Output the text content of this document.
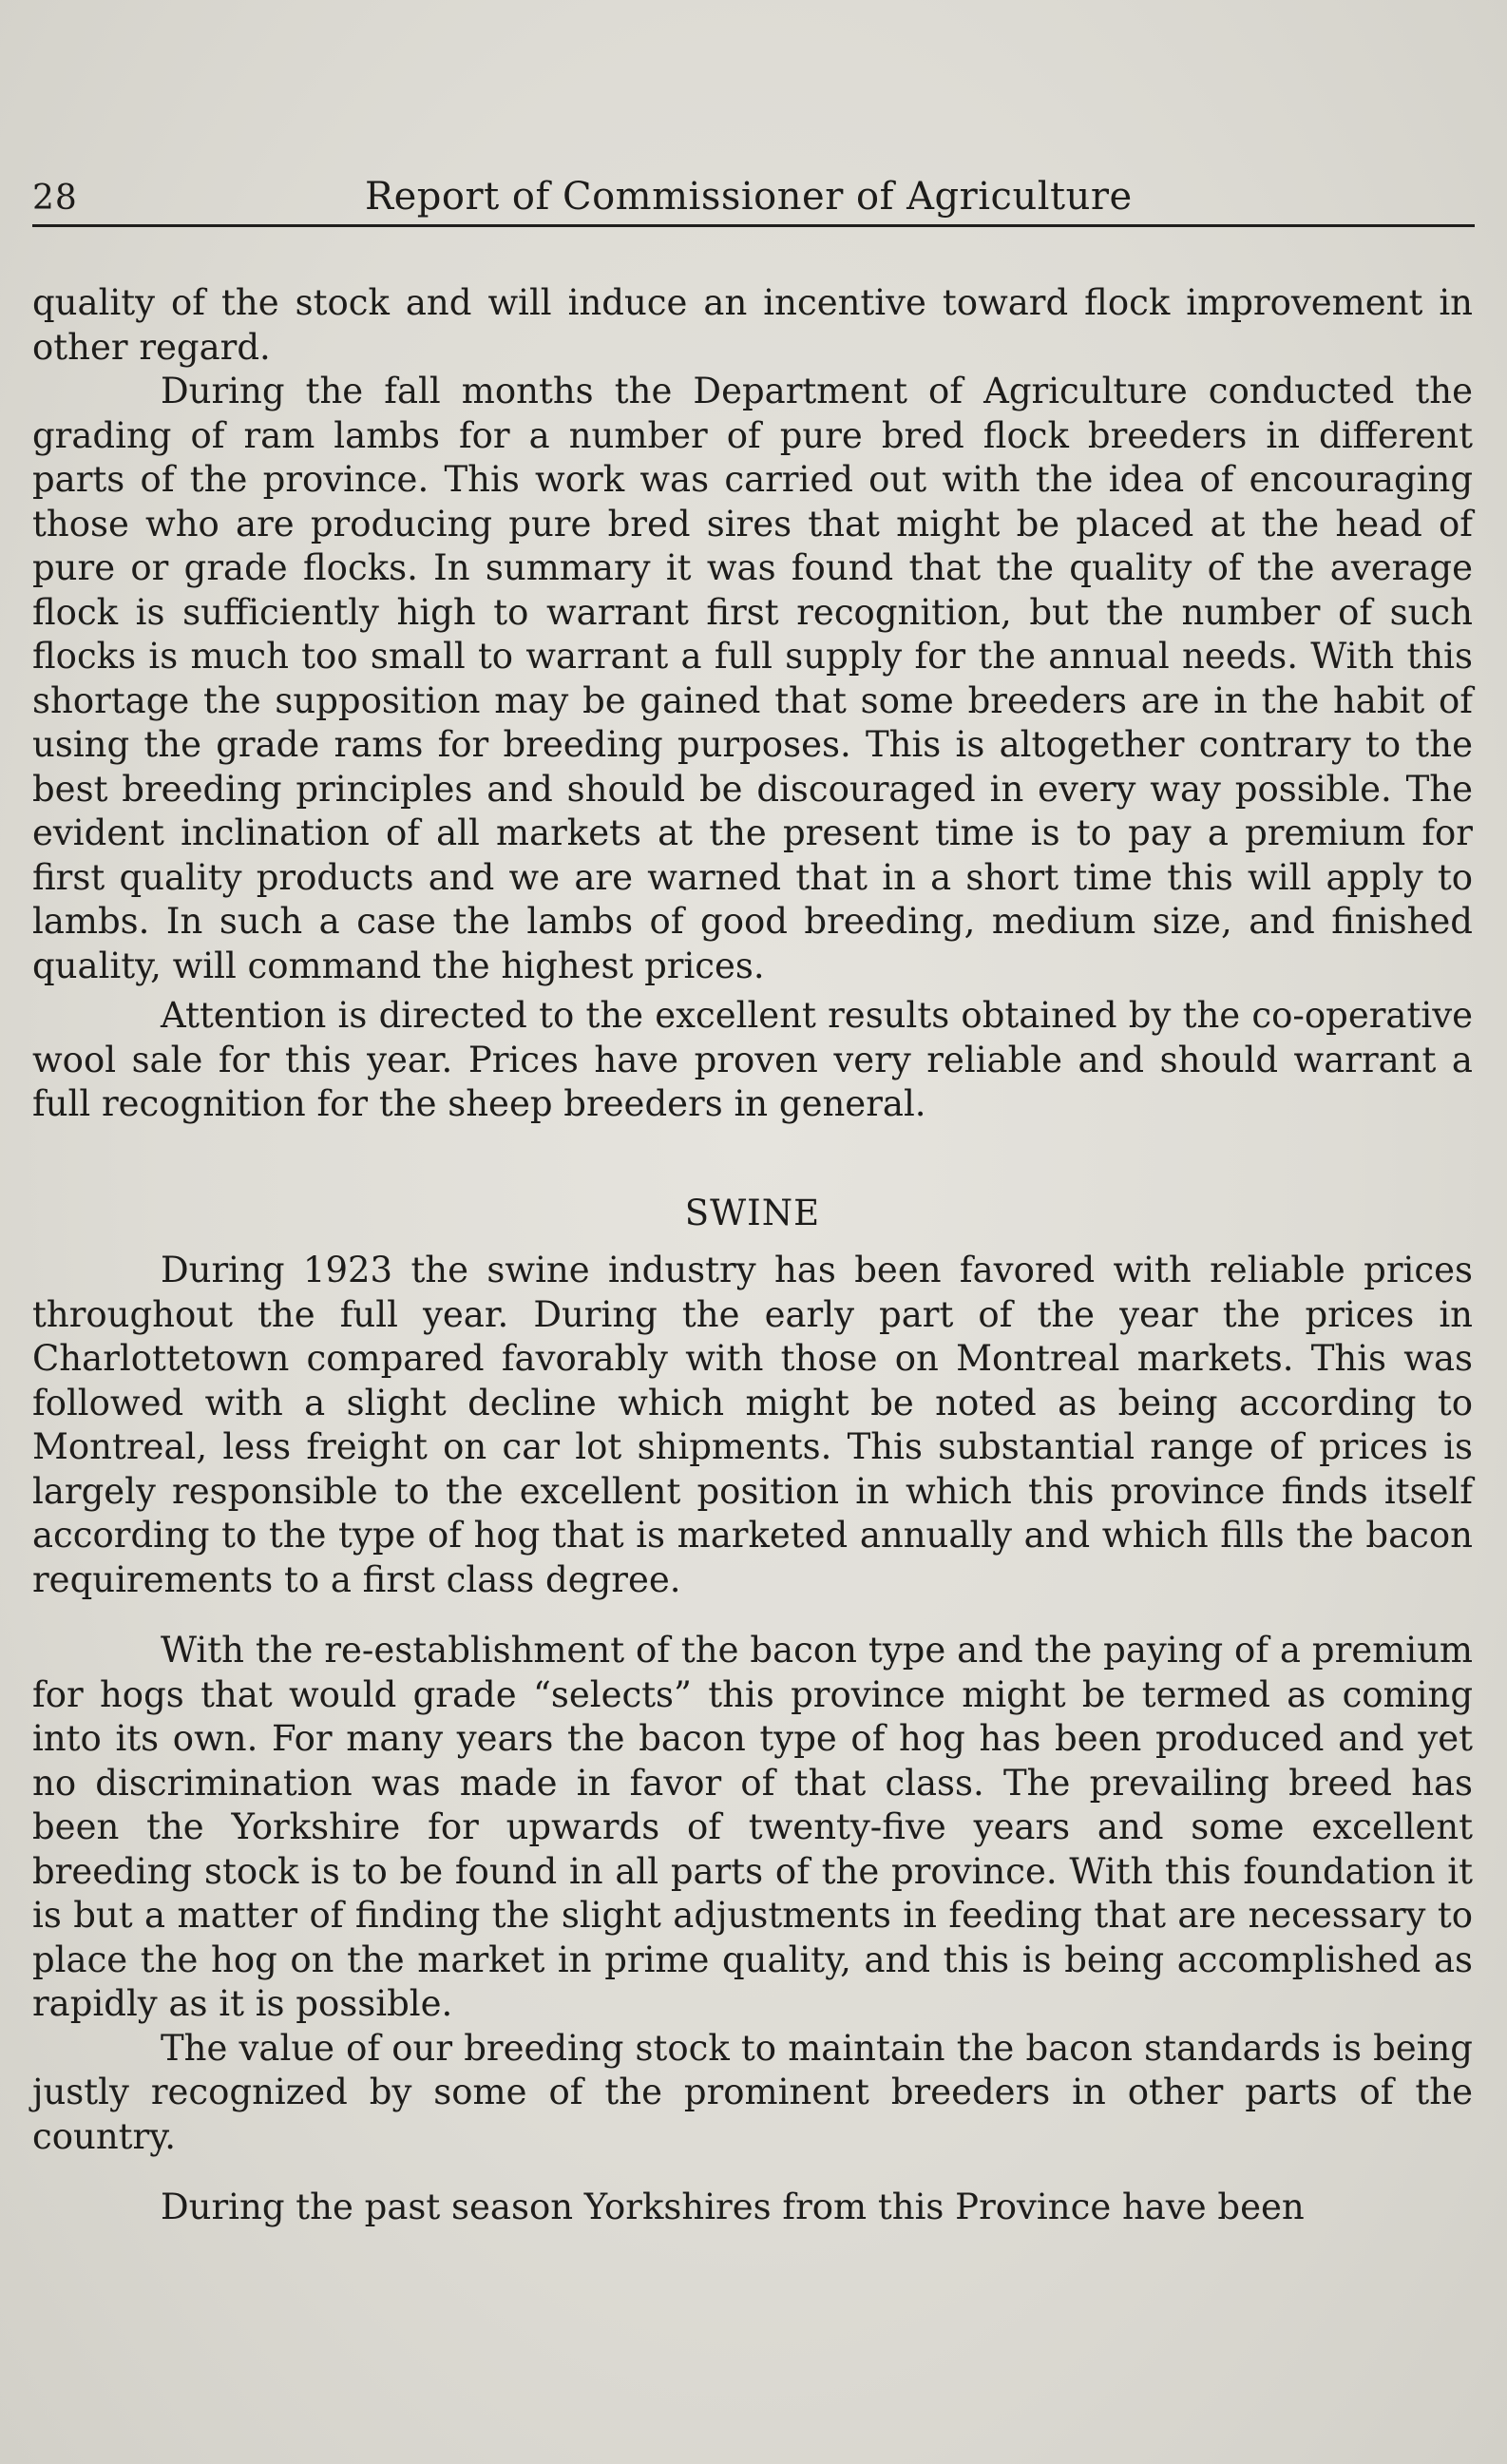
28	Report of Commissioner of Agriculture

quality of the stock and will induce an incentive toward flock improvement in other regard.

During the fall months the Department of Agriculture conducted the grading of ram lambs for a number of pure bred flock breeders in different parts of the province. This work was carried out with the idea of encouraging those who are producing pure bred sires that might be placed at the head of pure or grade flocks. In summary it was found that the quality of the average flock is sufficiently high to warrant first recognition, but the number of such flocks is much too small to warrant a full supply for the annual needs. With this shortage the supposition may be gained that some breeders are in the habit of using the grade rams for breeding purposes. This is altogether contrary to the best breeding principles and should be discouraged in every way possible. The evident inclination of all markets at the present time is to pay a premium for first quality products and we are warned that in a short time this will apply to lambs. In such a case the lambs of good breeding, medium size, and finished quality, will command the highest prices.

Attention is directed to the excellent results obtained by the co-operative wool sale for this year. Prices have proven very reliable and should warrant a full recognition for the sheep breeders in general.

SWINE

During 1923 the swine industry has been favored with reliable prices throughout the full year. During the early part of the year the prices in Charlottetown compared favorably with those on Montreal markets. This was followed with a slight decline which might be noted as being according to Montreal, less freight on car lot shipments. This substantial range of prices is largely responsible to the excellent position in which this province finds itself according to the type of hog that is marketed annually and which fills the bacon requirements to a first class degree.

With the re-establishment of the bacon type and the paying of a premium for hogs that would grade “selects” this province might be termed as coming into its own. For many years the bacon type of hog has been produced and yet no discrimination was made in favor of that class. The prevailing breed has been the Yorkshire for upwards of twenty-five years and some excellent breeding stock is to be found in all parts of the province. With this foundation it is but a matter of finding the slight adjustments in feeding that are necessary to place the hog on the market in prime quality, and this is being accomplished as rapidly as it is possible.

The value of our breeding stock to maintain the bacon standards is being justly recognized by some of the prominent breeders in other parts of the country.

During the past season Yorkshires from this Province have been
